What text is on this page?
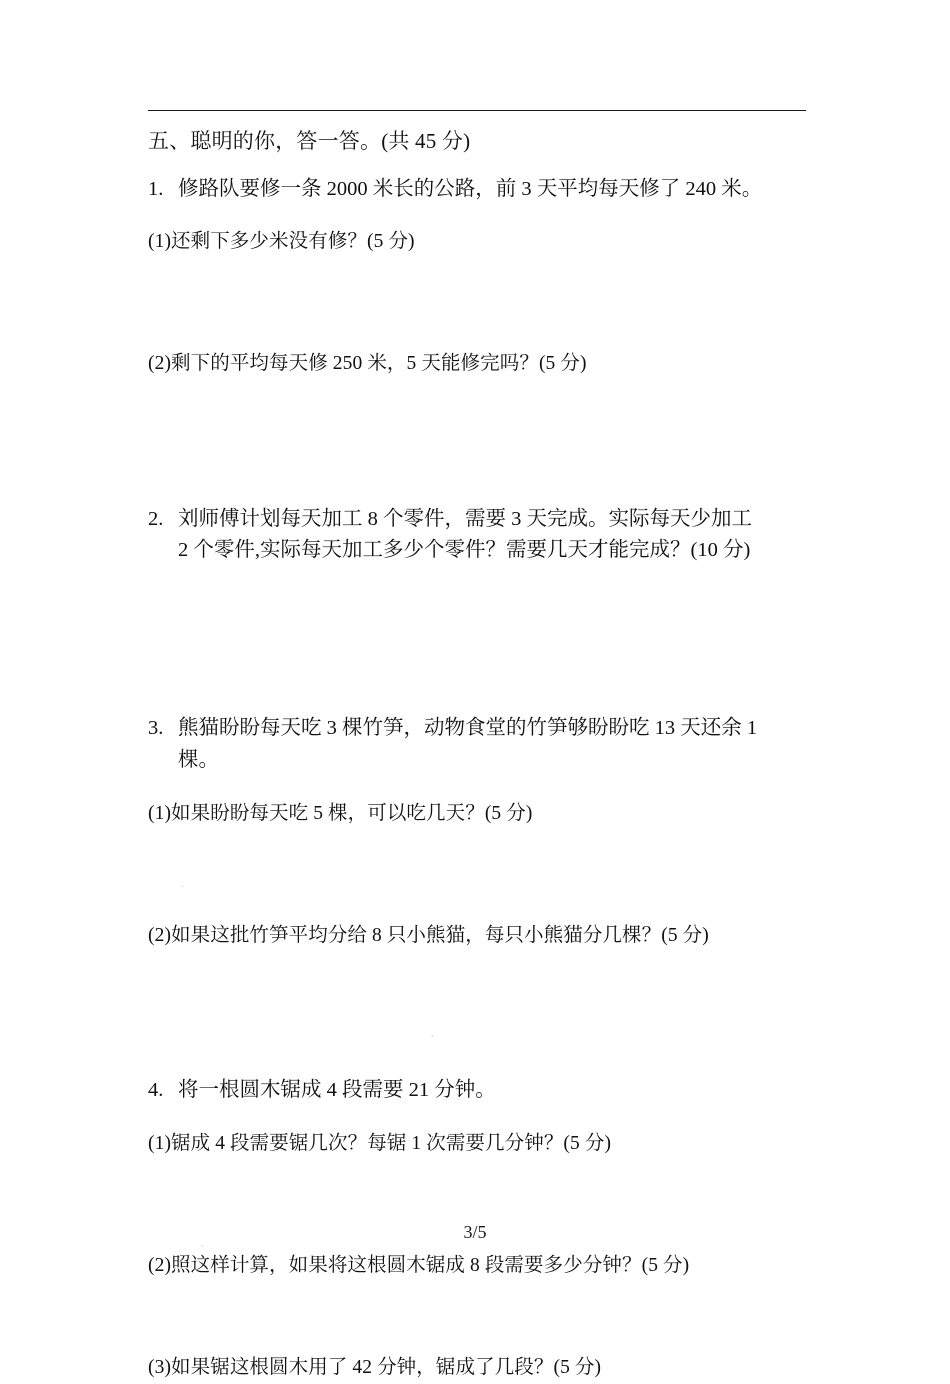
·
·
·

五、聪明的你，答一答。(共 45 分)

1. 修路队要修一条 2000 米长的公路，前 3 天平均每天修了 240 米。

(1)还剩下多少米没有修？(5 分)

(2)剩下的平均每天修 250 米，5 天能修完吗？(5 分)

2. 刘师傅计划每天加工 8 个零件，需要 3 天完成。实际每天少加工
2 个零件,实际每天加工多少个零件？需要几天才能完成？(10 分)
3. 熊猫盼盼每天吃 3 棵竹笋，动物食堂的竹笋够盼盼吃 13 天还余 1
棵。

(1)如果盼盼每天吃 5 棵，可以吃几天？(5 分)

(2)如果这批竹笋平均分给 8 只小熊猫，每只小熊猫分几棵？(5 分)

4. 将一根圆木锯成 4 段需要 21 分钟。

(1)锯成 4 段需要锯几次？每锯 1 次需要几分钟？(5 分)

(2)照这样计算，如果将这根圆木锯成 8 段需要多少分钟？(5 分)

(3)如果锯这根圆木用了 42 分钟，锯成了几段？(5 分)

3/5
